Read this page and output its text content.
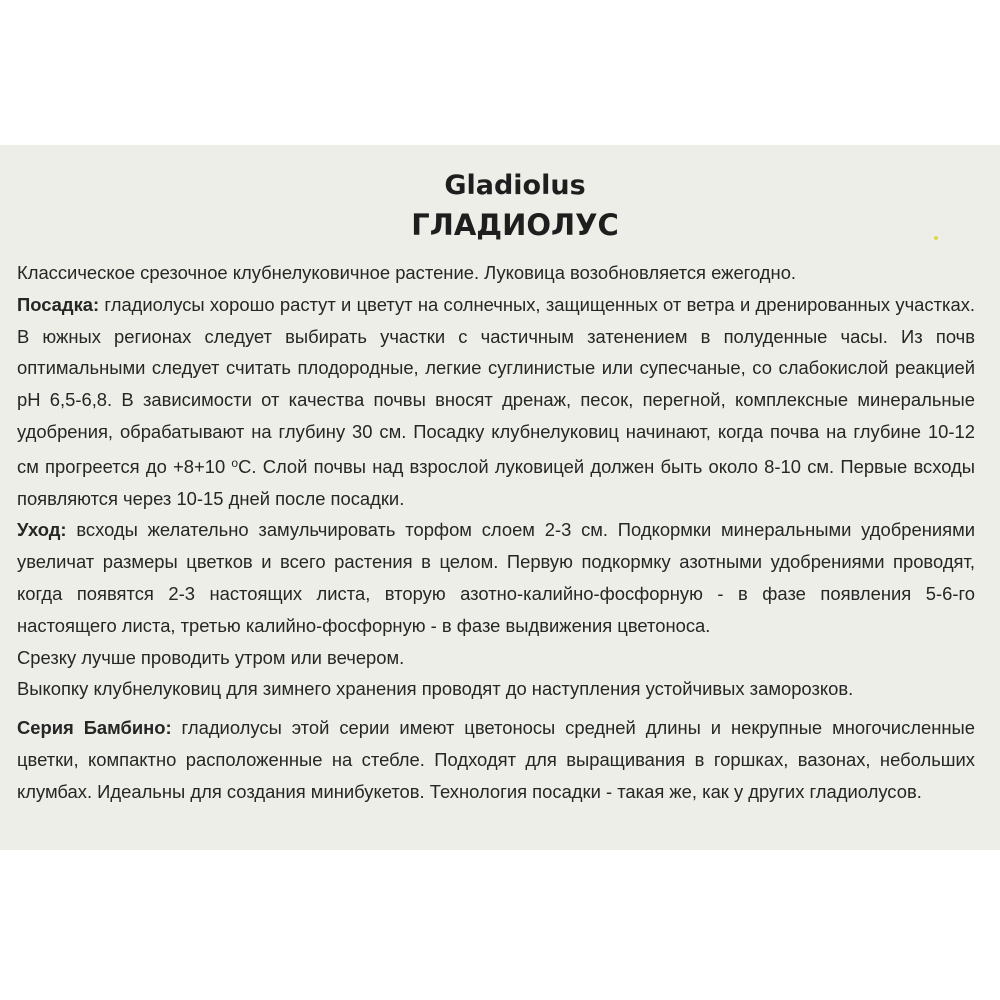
Gladiolus
ГЛАДИОЛУС

Классическое срезочное клубнелуковичное растение. Луковица возобновляется ежегодно.

Посадка: гладиолусы хорошо растут и цветут на солнечных, защищенных от ветра и дренированных участках. В южных регионах следует выбирать участки с частичным затенением в полуденные часы. Из почв оптимальными следует считать плодородные, легкие суглинистые или супесчаные, со слабокислой реакцией pH 6,5-6,8. В зависимости от качества почвы вносят дренаж, песок, перегной, комплексные минеральные удобрения, обрабатывают на глубину 30 см. Посадку клубнелуковиц начинают, когда почва на глубине 10-12 см прогреется до +8+10 $^о$С. Слой почвы над взрослой луковицей должен быть около 8-10 см. Первые всходы появляются через 10-15 дней после посадки.

Уход: всходы желательно замульчировать торфом слоем 2-3 см. Подкормки минеральными удобрениями увеличат размеры цветков и всего растения в целом. Первую подкормку азотными удобрениями проводят, когда появятся 2-3 настоящих листа, вторую азотно-калийно-фосфорную - в фазе появления 5-6-го настоящего листа, третью калийно-фосфорную - в фазе выдвижения цветоноса.

Срезку лучше проводить утром или вечером.

Выкопку клубнелуковиц для зимнего хранения проводят до наступления устойчивых заморозков.

Серия Бамбино: гладиолусы этой серии имеют цветоносы средней длины и некрупные многочисленные цветки, компактно расположенные на стебле. Подходят для выращивания в горшках, вазонах, небольших клумбах. Идеальны для создания минибукетов. Технология посадки - такая же, как у других гладиолусов.
